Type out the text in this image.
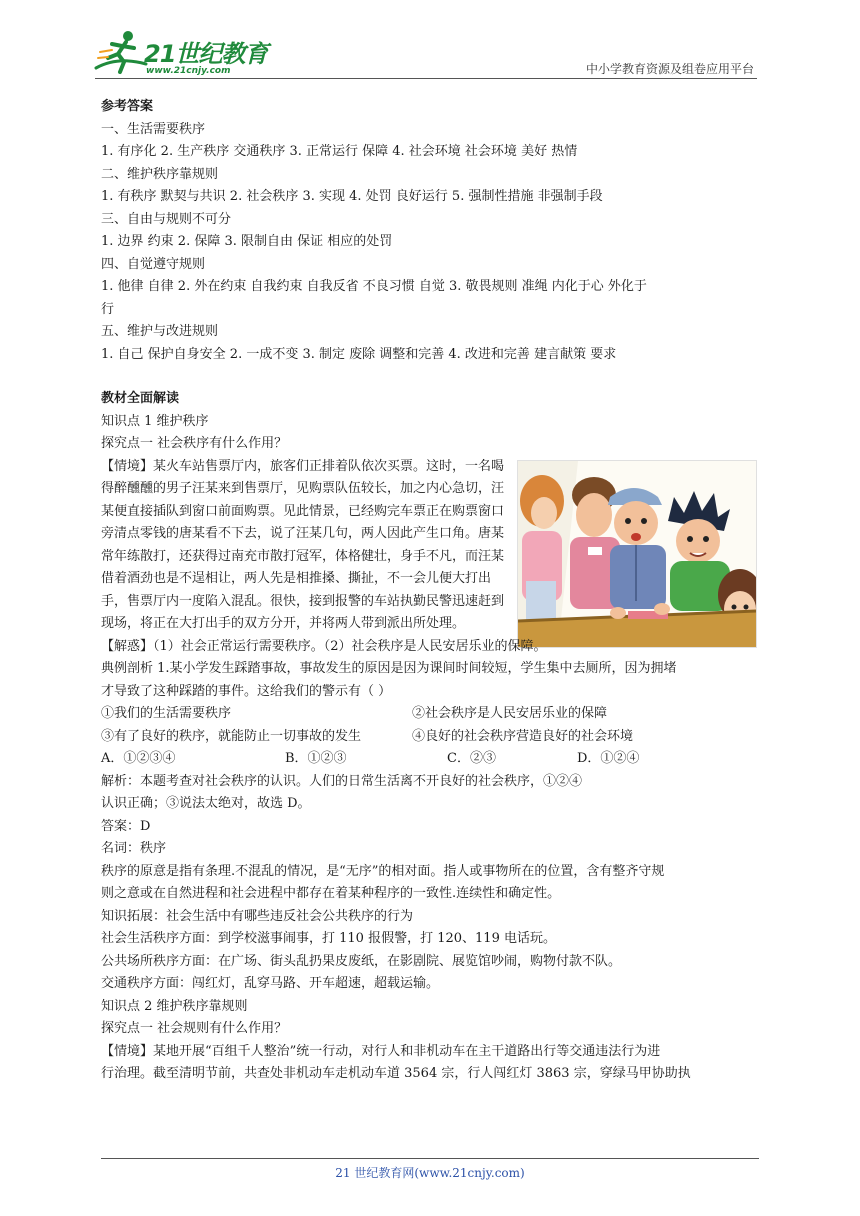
21世纪教育
www.21cnjy.com	中小学教育资源及组卷应用平台
参考答案
一、生活需要秩序
1. 有序化 2. 生产秩序 交通秩序 3. 正常运行 保障 4. 社会环境 社会环境 美好 热情
二、维护秩序靠规则
1. 有秩序 默契与共识 2. 社会秩序 3. 实现 4. 处罚 良好运行 5. 强制性措施 非强制手段
三、自由与规则不可分
1. 边界 约束 2. 保障 3. 限制自由 保证 相应的处罚
四、自觉遵守规则
1. 他律 自律 2. 外在约束 自我约束 自我反省 不良习惯 自觉 3. 敬畏规则 准绳 内化于心 外化于
行
五、维护与改进规则
1. 自己 保护自身安全 2. 一成不变 3. 制定 废除 调整和完善 4. 改进和完善 建言献策 要求
教材全面解读
知识点 1 维护秩序
探究点一 社会秩序有什么作用？
【情境】某火车站售票厅内，旅客们正排着队依次买票。这时，一名喝得醉醺醺的男子汪某来到售票厅，见购票队伍较长，加之内心急切，汪某便直接插队到窗口前面购票。见此情景，已经购完车票正在购票窗口旁清点零钱的唐某看不下去，说了汪某几句，两人因此产生口角。唐某常年练散打，还获得过南充市散打冠军，体格健壮，身手不凡，而汪某借着酒劲也是不逞相让，两人先是相推搡、撕扯，不一会儿便大打出手，售票厅内一度陷入混乱。很快，接到报警的车站执勤民警迅速赶到现场，将正在大打出手的双方分开，并将两人带到派出所处理。
【解惑】（1）社会正常运行需要秩序。（2）社会秩序是人民安居乐业的保障。
典例剖析 1.某小学发生踩踏事故，事故发生的原因是因为课间时间较短，学生集中去厕所，因为拥堵
才导致了这种踩踏的事件。这给我们的警示有（ ）
①我们的生活需要秩序	②社会秩序是人民安居乐业的保障
③有了良好的秩序，就能防止一切事故的发生	④良好的社会秩序营造良好的社会环境
A．①②③④	B．①②③	C．②③	D．①②④
解析：本题考查对社会秩序的认识。人们的日常生活离不开良好的社会秩序，①②④
认识正确；③说法太绝对，故选 D。
答案：D
名词：秩序
秩序的原意是指有条理.不混乱的情况，是“无序”的相对面。指人或事物所在的位置，含有整齐守规
则之意或在自然进程和社会进程中都存在着某种程序的一致性.连续性和确定性。
知识拓展：社会生活中有哪些违反社会公共秩序的行为
社会生活秩序方面：到学校滋事闹事，打 110 报假警，打 120、119 电话玩。
公共场所秩序方面：在广场、街头乱扔果皮废纸，在影剧院、展览馆吵闹，购物付款不队。
交通秩序方面：闯红灯，乱穿马路、开车超速，超载运输。
知识点 2 维护秩序靠规则
探究点一 社会规则有什么作用？
【情境】某地开展“百组千人整治”统一行动，对行人和非机动车在主干道路出行等交通违法行为进
行治理。截至清明节前，共查处非机动车走机动车道 3564 宗，行人闯红灯 3863 宗，穿绿马甲协助执
21 世纪教育网(www.21cnjy.com)
